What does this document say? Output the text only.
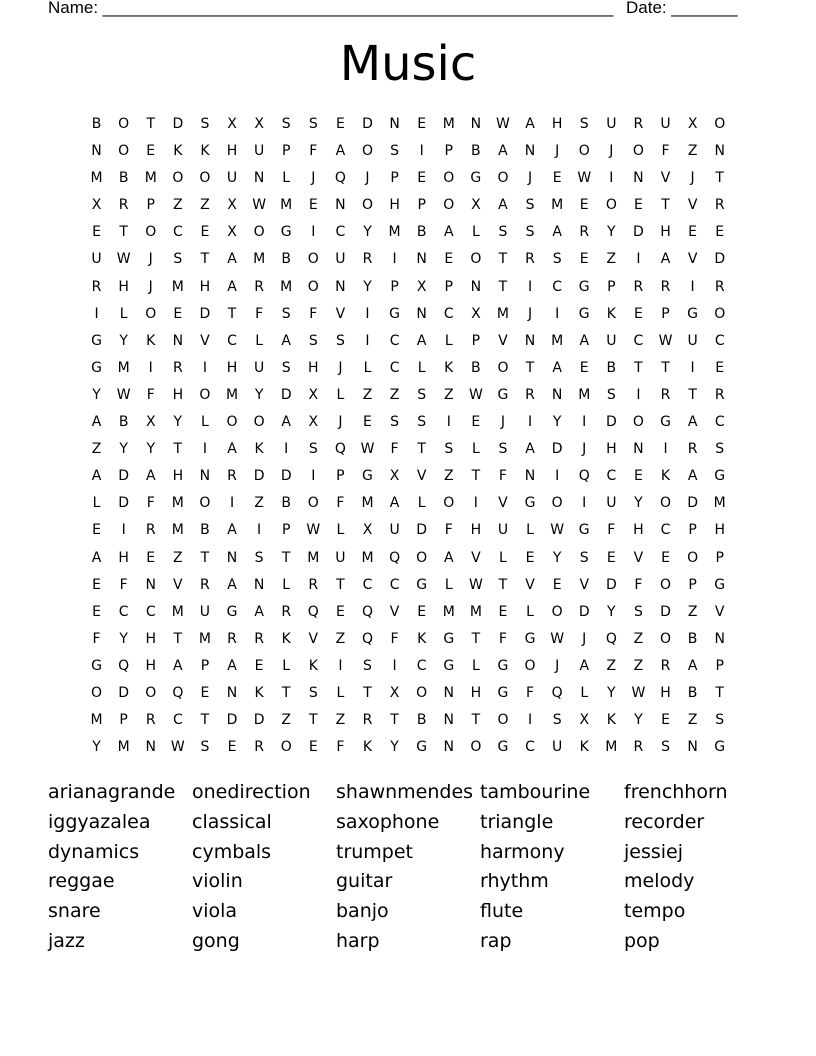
Name: ______________________________________________________ Date: _______
Music
B O T D S X X S S E D N E M N W A H S U R U X O
N O E K K H U P F A O S I P B A N J O J O F Z N
M B M O O U N L J Q J P E O G O J E W I N V J T
X R P Z Z X W M E N O H P O X A S M E O E T V R
E T O C E X O G I C Y M B A L S S A R Y D H E E
U W J S T A M B O U R I N E O T R S E Z I A V D
R H J M H A R M O N Y P X P N T I C G P R R I R
I L O E D T F S F V I G N C X M J I G K E P G O
G Y K N V C L A S S I C A L P V N M A U C W U C
G M I R I H U S H J L C L K B O T A E B T T I E
Y W F H O M Y D X L Z Z S Z W G R N M S I R T R
A B X Y L O O A X J E S S I E J I Y I D O G A C
Z Y Y T I A K I S Q W F T S L S A D J H N I R S
A D A H N R D D I P G X V Z T F N I Q C E K A G
L D F M O I Z B O F M A L O I V G O I U Y O D M
E I R M B A I P W L X U D F H U L W G F H C P H
A H E Z T N S T M U M Q O A V L E Y S E V E O P
E F N V R A N L R T C C G L W T V E V D F O P G
E C C M U G A R Q E Q V E M M E L O D Y S D Z V
F Y H T M R R K V Z Q F K G T F G W J Q Z O B N
G Q H A P A E L K I S I C G L G O J A Z Z R A P
O D O Q E N K T S L T X O N H G F Q L Y W H B T
M P R C T D D Z T Z R T B N T O I S X K Y E Z S
Y M N W S E R O E F K Y G N O G C U K M R S N G
arianagrande onedirection shawnmendes tambourine frenchhorn
iggyazalea classical	saxophone triangle	recorder
dynamics	cymbals	trumpet	harmony	jessiej
reggae	violin	guitar	rhythm	melody
snare	viola	banjo	flute	tempo
jazz	gong	harp	rap	pop
